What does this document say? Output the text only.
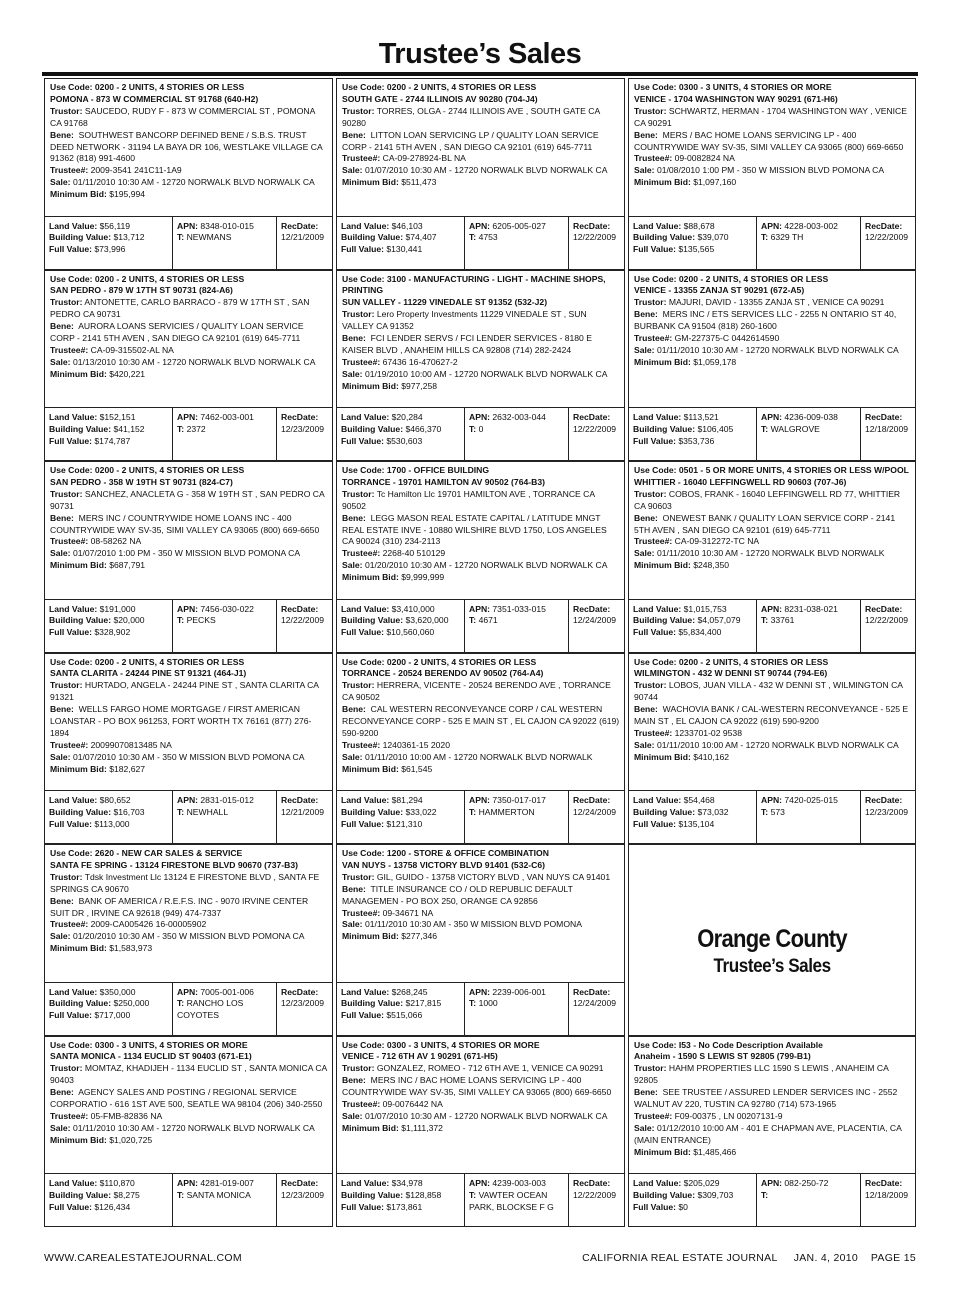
Trustee’s Sales
Use Code: 0200 - 2 UNITS, 4 STORIES OR LESS
POMONA - 873 W COMMERCIAL ST 91768 (640-H2)
Trustor: SAUCEDO, RUDY F - 873 W COMMERCIAL ST , POMONA CA 91768
Bene: SOUTHWEST BANCORP DEFINED BENE / S.B.S. TRUST DEED NETWORK - 31194 LA BAYA DR 106, WESTLAKE VILLAGE CA 91362 (818) 991-4600
Trustee#: 2009-3541 241C11-1A9
Sale: 01/11/2010 10:30 AM - 12720 NORWALK BLVD NORWALK CA
Minimum Bid: $195,994
Land Value: $56,119
Building Value: $13,712
Full Value: $73,996
APN: 8348-010-015
T: NEWMANS
RecDate:
12/21/2009
Use Code: 0200 - 2 UNITS, 4 STORIES OR LESS
SOUTH GATE - 2744 ILLINOIS AV 90280 (704-J4)
Trustor: TORRES, OLGA - 2744 ILLINOIS AVE , SOUTH GATE CA 90280
Bene: LITTON LOAN SERVICING LP / QUALITY LOAN SERVICE CORP - 2141 5TH AVEN , SAN DIEGO CA 92101 (619) 645-7711
Trustee#: CA-09-278924-BL NA
Sale: 01/07/2010 10:30 AM - 12720 NORWALK BLVD NORWALK CA
Minimum Bid: $511,473
Land Value: $46,103
Building Value: $74,407
Full Value: $130,441
APN: 6205-005-027
T: 4753
RecDate:
12/22/2009
Use Code: 0300 - 3 UNITS, 4 STORIES OR MORE
VENICE - 1704 WASHINGTON WAY 90291 (671-H6)
Trustor: SCHWARTZ, HERMAN - 1704 WASHINGTON WAY , VENICE CA 90291
Bene: MERS / BAC HOME LOANS SERVICING LP - 400 COUNTRYWIDE WAY SV-35, SIMI VALLEY CA 93065 (800) 669-6650
Trustee#: 09-0082824 NA
Sale: 01/08/2010 1:00 PM - 350 W MISSION BLVD POMONA CA
Minimum Bid: $1,097,160
Land Value: $88,678
Building Value: $39,070
Full Value: $135,565
APN: 4228-003-002
T: 6329 TH
RecDate:
12/22/2009
Use Code: 0200 - 2 UNITS, 4 STORIES OR LESS
SAN PEDRO - 879 W 17TH ST 90731 (824-A6)
Trustor: ANTONETTE, CARLO BARRACO - 879 W 17TH ST , SAN PEDRO CA 90731
Bene: AURORA LOANS SERVICIES / QUALITY LOAN SERVICE CORP - 2141 5TH AVEN , SAN DIEGO CA 92101 (619) 645-7711
Trustee#: CA-09-315502-AL NA
Sale: 01/13/2010 10:30 AM - 12720 NORWALK BLVD NORWALK CA
Minimum Bid: $420,221
Land Value: $152,151
Building Value: $41,152
Full Value: $174,787
APN: 7462-003-001
T: 2372
RecDate:
12/23/2009
Use Code: 3100 - MANUFACTURING - LIGHT - MACHINE SHOPS, PRINTING
SUN VALLEY - 11229 VINEDALE ST 91352 (532-J2)
Trustor: Lero Property Investments 11229 VINEDALE ST , SUN VALLEY CA 91352
Bene: FCI LENDER SERVS / FCI LENDER SERVICES - 8180 E KAISER BLVD , ANAHEIM HILLS CA 92808 (714) 282-2424
Trustee#: 67436 16-470627-2
Sale: 01/19/2010 10:00 AM - 12720 NORWALK BLVD NORWALK CA
Minimum Bid: $977,258
Land Value: $20,284
Building Value: $466,370
Full Value: $530,603
APN: 2632-003-044
T: 0
RecDate:
12/22/2009
Use Code: 0200 - 2 UNITS, 4 STORIES OR LESS
VENICE - 13355 ZANJA ST 90291 (672-A5)
Trustor: MAJURI, DAVID - 13355 ZANJA ST , VENICE CA 90291
Bene: MERS INC / ETS SERVICES LLC - 2255 N ONTARIO ST 40, BURBANK CA 91504 (818) 260-1600
Trustee#: GM-227375-C 0442614590
Sale: 01/11/2010 10:30 AM - 12720 NORWALK BLVD NORWALK CA
Minimum Bid: $1,059,178
Land Value: $113,521
Building Value: $106,405
Full Value: $353,736
APN: 4236-009-038
T: WALGROVE
RecDate:
12/18/2009
Use Code: 0200 - 2 UNITS, 4 STORIES OR LESS
SAN PEDRO - 358 W 19TH ST 90731 (824-C7)
Trustor: SANCHEZ, ANACLETA G - 358 W 19TH ST , SAN PEDRO CA 90731
Bene: MERS INC / COUNTRYWIDE HOME LOANS INC - 400 COUNTRYWIDE WAY SV-35, SIMI VALLEY CA 93065 (800) 669-6650
Trustee#: 08-58262 NA
Sale: 01/07/2010 1:00 PM - 350 W MISSION BLVD POMONA CA
Minimum Bid: $687,791
Land Value: $191,000
Building Value: $20,000
Full Value: $328,902
APN: 7456-030-022
T: PECKS
RecDate:
12/22/2009
Use Code: 1700 - OFFICE BUILDING
TORRANCE - 19701 HAMILTON AV 90502 (764-B3)
Trustor: Tc Hamilton Llc 19701 HAMILTON AVE , TORRANCE CA 90502
Bene: LEGG MASON REAL ESTATE CAPITAL / LATITUDE MNGT REAL ESTATE INVE - 10880 WILSHIRE BLVD 1750, LOS ANGELES CA 90024 (310) 234-2113
Trustee#: 2268-40 510129
Sale: 01/20/2010 10:30 AM - 12720 NORWALK BLVD NORWALK CA
Minimum Bid: $9,999,999
Land Value: $3,410,000
Building Value: $3,620,000
Full Value: $10,560,060
APN: 7351-033-015
T: 4671
RecDate:
12/24/2009
Use Code: 0501 - 5 OR MORE UNITS, 4 STORIES OR LESS W/POOL
WHITTIER - 16040 LEFFINGWELL RD 90603 (707-J6)
Trustor: COBOS, FRANK - 16040 LEFFINGWELL RD 77, WHITTIER CA 90603
Bene: ONEWEST BANK / QUALITY LOAN SERVICE CORP - 2141 5TH AVEN , SAN DIEGO CA 92101 (619) 645-7711
Trustee#: CA-09-312272-TC NA
Sale: 01/11/2010 10:30 AM - 12720 NORWALK BLVD NORWALK
Minimum Bid: $248,350
Land Value: $1,015,753
Building Value: $4,057,079
Full Value: $5,834,400
APN: 8231-038-021
T: 33761
RecDate:
12/22/2009
Use Code: 0200 - 2 UNITS, 4 STORIES OR LESS
SANTA CLARITA - 24244 PINE ST 91321 (464-J1)
Trustor: HURTADO, ANGELA - 24244 PINE ST , SANTA CLARITA CA 91321
Bene: WELLS FARGO HOME MORTGAGE / FIRST AMERICAN LOANSTAR - PO BOX 961253, FORT WORTH TX 76161 (877) 276-1894
Trustee#: 20099070813485 NA
Sale: 01/07/2010 10:30 AM - 350 W MISSION BLVD POMONA CA
Minimum Bid: $182,627
Land Value: $80,652
Building Value: $16,703
Full Value: $113,000
APN: 2831-015-012
T: NEWHALL
RecDate:
12/21/2009
Use Code: 0200 - 2 UNITS, 4 STORIES OR LESS
TORRANCE - 20524 BERENDO AV 90502 (764-A4)
Trustor: HERRERA, VICENTE - 20524 BERENDO AVE , TORRANCE CA 90502
Bene: CAL WESTERN RECONVEYANCE CORP / CAL WESTERN RECONVEYANCE CORP - 525 E MAIN ST , EL CAJON CA 92022 (619) 590-9200
Trustee#: 1240361-15 2020
Sale: 01/11/2010 10:00 AM - 12720 NORWALK BLVD NORWALK
Minimum Bid: $61,545
Land Value: $81,294
Building Value: $33,022
Full Value: $121,310
APN: 7350-017-017
T: HAMMERTON
RecDate:
12/24/2009
Use Code: 0200 - 2 UNITS, 4 STORIES OR LESS
WILMINGTON - 432 W DENNI ST 90744 (794-E6)
Trustor: LOBOS, JUAN VILLA - 432 W DENNI ST , WILMINGTON CA 90744
Bene: WACHOVIA BANK / CAL-WESTERN RECONVEYANCE - 525 E MAIN ST , EL CAJON CA 92022 (619) 590-9200
Trustee#: 1233701-02 9538
Sale: 01/11/2010 10:00 AM - 12720 NORWALK BLVD NORWALK CA
Minimum Bid: $410,162
Land Value: $54,468
Building Value: $73,032
Full Value: $135,104
APN: 7420-025-015
T: 573
RecDate:
12/23/2009
Use Code: 2620 - NEW CAR SALES & SERVICE
SANTA FE SPRING - 13124 FIRESTONE BLVD 90670 (737-B3)
Trustor: Tdsk Investment Llc 13124 E FIRESTONE BLVD , SANTA FE SPRINGS CA 90670
Bene: BANK OF AMERICA / R.E.F.S. INC - 9070 IRVINE CENTER SUIT DR , IRVINE CA 92618 (949) 474-7337
Trustee#: 2009-CA005426 16-00005902
Sale: 01/20/2010 10:30 AM - 350 W MISSION BLVD POMONA CA
Minimum Bid: $1,583,973
Land Value: $350,000
Building Value: $250,000
Full Value: $717,000
APN: 7005-001-006
T: RANCHO LOS COYOTES
RecDate:
12/23/2009
Use Code: 1200 - STORE & OFFICE COMBINATION
VAN NUYS - 13758 VICTORY BLVD 91401 (532-C6)
Trustor: GIL, GUIDO - 13758 VICTORY BLVD , VAN NUYS CA 91401
Bene: TITLE INSURANCE CO / OLD REPUBLIC DEFAULT MANAGEMEN - PO BOX 250, ORANGE CA 92856
Trustee#: 09-34671 NA
Sale: 01/11/2010 10:30 AM - 350 W MISSION BLVD POMONA
Minimum Bid: $277,346
Land Value: $268,245
Building Value: $217,815
Full Value: $515,066
APN: 2239-006-001
T: 1000
RecDate:
12/24/2009
Orange County
Trustee’s Sales
Use Code: 0300 - 3 UNITS, 4 STORIES OR MORE
SANTA MONICA - 1134 EUCLID ST 90403 (671-E1)
Trustor: MOMTAZ, KHADIJEH - 1134 EUCLID ST , SANTA MONICA CA 90403
Bene: AGENCY SALES AND POSTING / REGIONAL SERVICE CORPORATIO - 616 1ST AVE 500, SEATLE WA 98104 (206) 340-2550
Trustee#: 05-FMB-82836 NA
Sale: 01/11/2010 10:30 AM - 12720 NORWALK BLVD NORWALK CA
Minimum Bid: $1,020,725
Land Value: $110,870
Building Value: $8,275
Full Value: $126,434
APN: 4281-019-007
T: SANTA MONICA
RecDate:
12/23/2009
Use Code: 0300 - 3 UNITS, 4 STORIES OR MORE
VENICE - 712 6TH AV 1 90291 (671-H5)
Trustor: GONZALEZ, ROMEO - 712 6TH AVE 1, VENICE CA 90291
Bene: MERS INC / BAC HOME LOANS SERVICING LP - 400 COUNTRYWIDE WAY SV-35, SIMI VALLEY CA 93065 (800) 669-6650
Trustee#: 09-0076442 NA
Sale: 01/07/2010 10:30 AM - 12720 NORWALK BLVD NORWALK CA
Minimum Bid: $1,111,372
Land Value: $34,978
Building Value: $128,858
Full Value: $173,861
APN: 4239-003-003
T: VAWTER OCEAN PARK, BLOCKSE F G
RecDate:
12/22/2009
Use Code: I53 - No Code Description Available
Anaheim - 1590 S LEWIS ST 92805 (799-B1)
Trustor: HAHM PROPERTIES LLC 1590 S LEWIS , ANAHEIM CA 92805
Bene: SEE TRUSTEE / ASSURED LENDER SERVICES INC - 2552 WALNUT AV 220, TUSTIN CA 92780 (714) 573-1965
Trustee#: F09-00375 , LN 00207131-9
Sale: 01/12/2010 10:00 AM - 401 E CHAPMAN AVE, PLACENTIA, CA (MAIN ENTRANCE)
Minimum Bid: $1,485,466
Land Value: $205,029
Building Value: $309,703
Full Value: $0
APN: 082-250-72
T:
RecDate:
12/18/2009
WWW.CAREALESTATEJOURNAL.COM	CALIFORNIA REAL ESTATE JOURNAL JAN. 4, 2010 PAGE 15
